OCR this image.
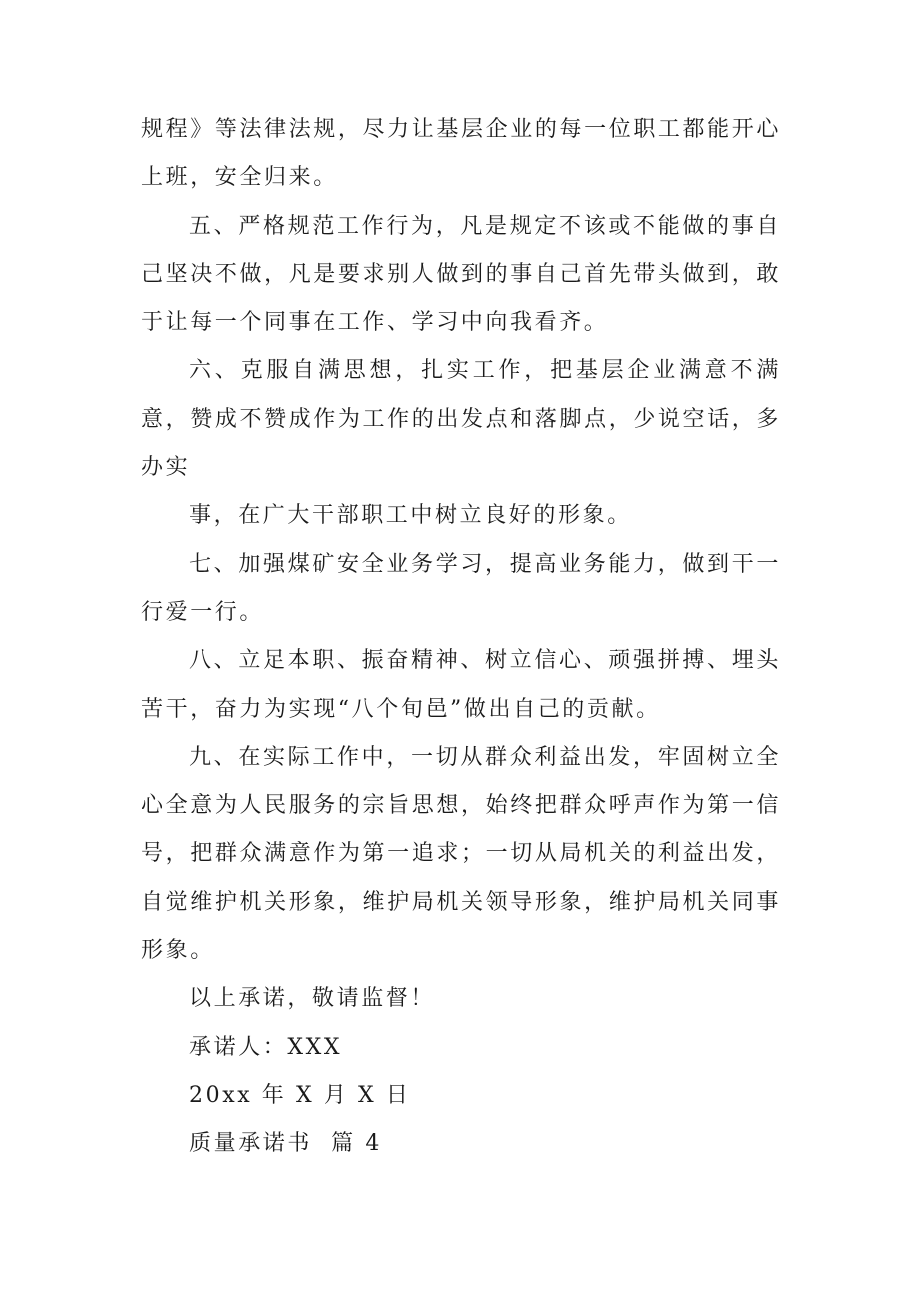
规程》等法律法规，尽力让基层企业的每一位职工都能开心上班，安全归来。

五、严格规范工作行为，凡是规定不该或不能做的事自己坚决不做，凡是要求别人做到的事自己首先带头做到，敢于让每一个同事在工作、学习中向我看齐。

六、克服自满思想，扎实工作，把基层企业满意不满意，赞成不赞成作为工作的出发点和落脚点，少说空话，多办实

事，在广大干部职工中树立良好的形象。

七、加强煤矿安全业务学习，提高业务能力，做到干一行爱一行。

八、立足本职、振奋精神、树立信心、顽强拼搏、埋头苦干，奋力为实现“八个旬邑”做出自己的贡献。

九、在实际工作中，一切从群众利益出发，牢固树立全心全意为人民服务的宗旨思想，始终把群众呼声作为第一信号，把群众满意作为第一追求；一切从局机关的利益出发，自觉维护机关形象，维护局机关领导形象，维护局机关同事形象。

以上承诺，敬请监督！

承诺人：XXX

20xx 年 X 月 X 日

质量承诺书  篇 4
